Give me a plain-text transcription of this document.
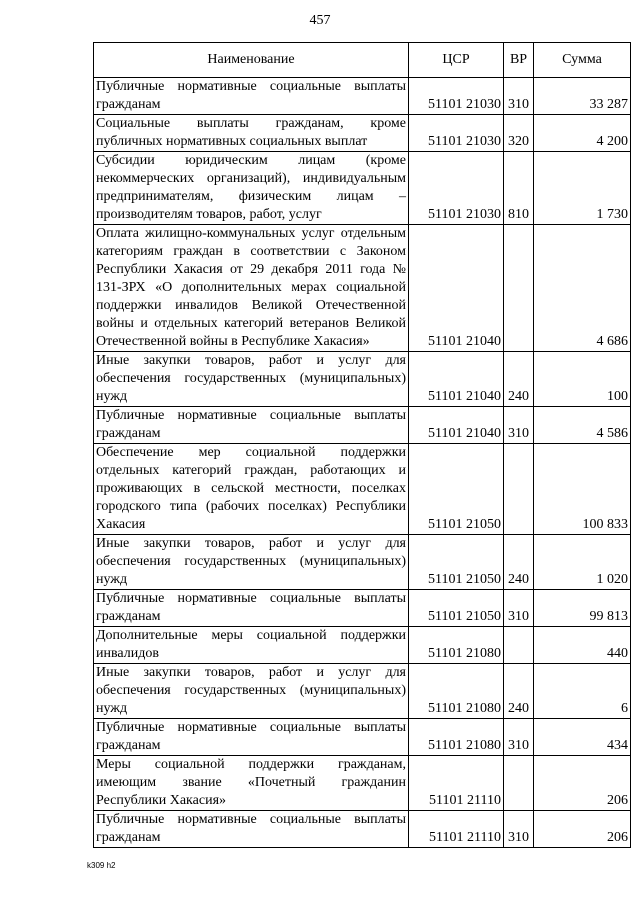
457
Наименование	ЦСР	ВР	Сумма
Публичные нормативные социальные выплаты гражданам	51101 21030	310	33 287
Социальные выплаты гражданам, кроме публичных нормативных социальных выплат	51101 21030	320	4 200
Субсидии юридическим лицам (кроме некоммерческих организаций), индивидуальным предпринимателям, физическим лицам – производителям товаров, работ, услуг	51101 21030	810	1 730
Оплата жилищно-коммунальных услуг отдельным категориям граждан в соответствии с Законом Республики Хакасия от 29 декабря 2011 года № 131-ЗРХ «О дополнительных мерах социальной поддержки инвалидов Великой Отечественной войны и отдельных категорий ветеранов Великой Отечественной войны в Республике Хакасия»	51101 21040		4 686
Иные закупки товаров, работ и услуг для обеспечения государственных (муниципальных) нужд	51101 21040	240	100
Публичные нормативные социальные выплаты гражданам	51101 21040	310	4 586
Обеспечение мер социальной поддержки отдельных категорий граждан, работающих и проживающих в сельской местности, поселках городского типа (рабочих поселках) Республики Хакасия	51101 21050		100 833
Иные закупки товаров, работ и услуг для обеспечения государственных (муниципальных) нужд	51101 21050	240	1 020
Публичные нормативные социальные выплаты гражданам	51101 21050	310	99 813
Дополнительные меры социальной поддержки инвалидов	51101 21080		440
Иные закупки товаров, работ и услуг для обеспечения государственных (муниципальных) нужд	51101 21080	240	6
Публичные нормативные социальные выплаты гражданам	51101 21080	310	434
Меры социальной поддержки гражданам, имеющим звание «Почетный гражданин Республики Хакасия»	51101 21110		206
Публичные нормативные социальные выплаты гражданам	51101 21110	310	206
k309 h2
